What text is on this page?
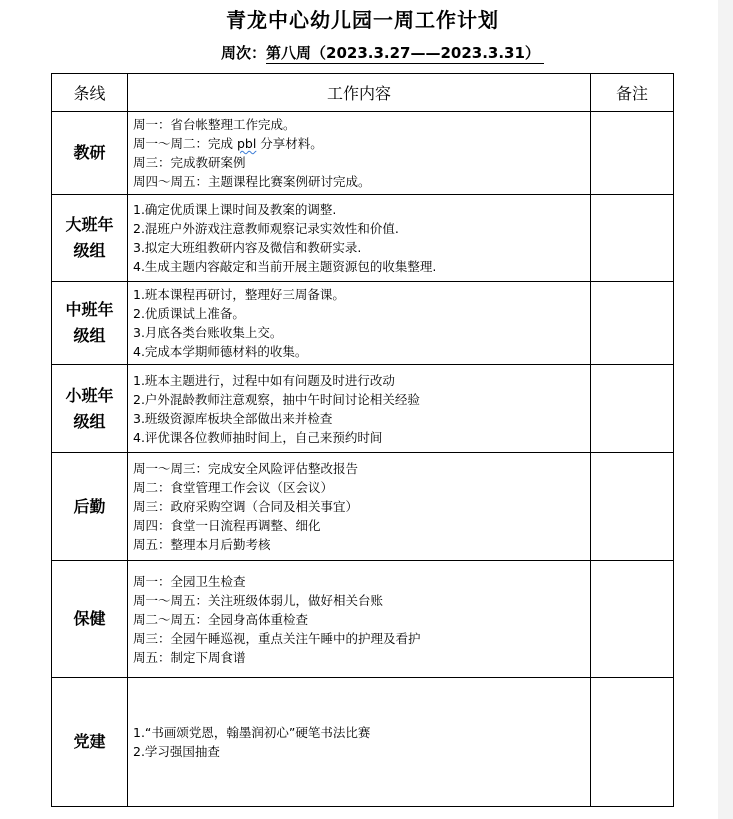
青龙中心幼儿园一周工作计划
周次：第八周（2023.3.27——2023.3.31）
条线	工作内容	备注
教研	周一：省台帐整理工作完成。
周一～周二：完成 pbl 分享材料。
周三：完成教研案例
周四～周五：主题课程比赛案例研讨完成。	

大班年级组	1.确定优质课上课时间及教案的调整.
2.混班户外游戏注意教师观察记录实效性和价值.
3.拟定大班组教研内容及微信和教研实录.
4.生成主题内容敲定和当前开展主题资源包的收集整理.	

中班年级组	1.班本课程再研讨，整理好三周备课。
2.优质课试上准备。
3.月底各类台账收集上交。
4.完成本学期师德材料的收集。	

小班年级组	1.班本主题进行，过程中如有问题及时进行改动
2.户外混龄教师注意观察，抽中午时间讨论相关经验
3.班级资源库板块全部做出来并检查
4.评优课各位教师抽时间上，自己来预约时间	

后勤	周一～周三：完成安全风险评估整改报告
周二：食堂管理工作会议（区会议）
周三：政府采购空调（合同及相关事宜）
周四：食堂一日流程再调整、细化
周五：整理本月后勤考核	

保健	周一：全园卫生检查
周一～周五：关注班级体弱儿，做好相关台账
周二～周五：全园身高体重检查
周三：全园午睡巡视，重点关注午睡中的护理及看护
周五：制定下周食谱	

党建	1.“书画颂党恩，翰墨润初心”硬笔书法比赛
2.学习强国抽查	
